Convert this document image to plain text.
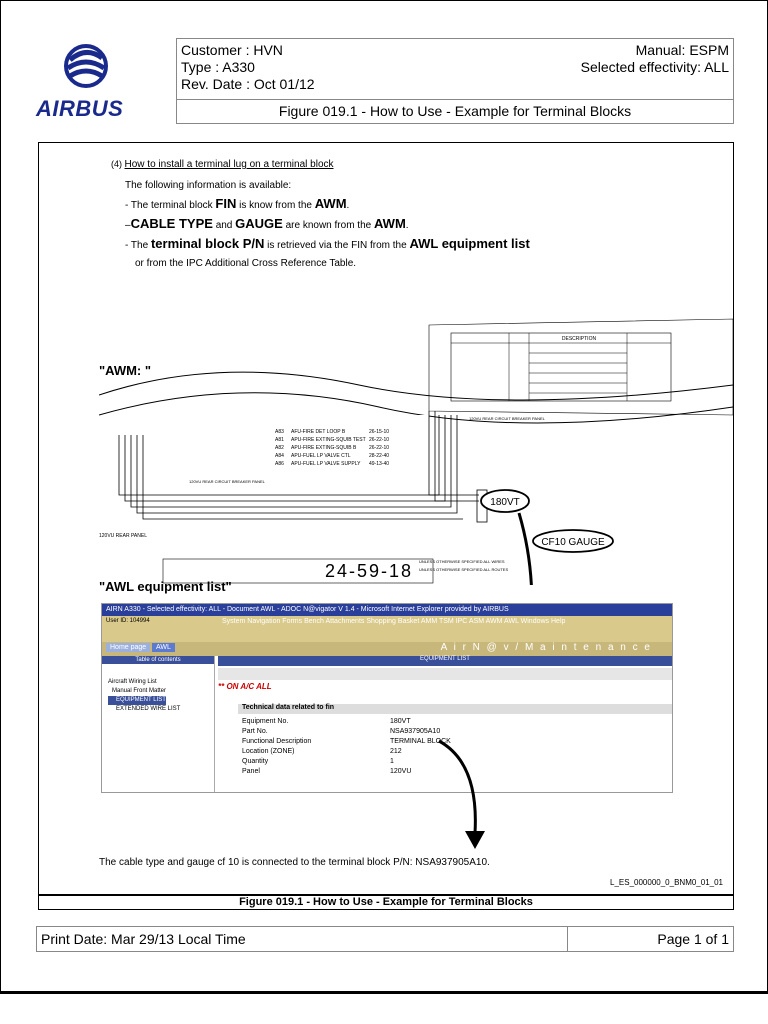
AIRBUS
Customer : HVN
Type : A330
Rev. Date : Oct 01/12
Manual: ESPM
Selected effectivity: ALL
Figure 019.1 - How to Use - Example for Terminal Blocks
(4) How to install a terminal lug on a terminal block
The following information is available:
- The terminal block FIN is know from the AWM.
–CABLE TYPE and GAUGE are known from the AWM.
- The terminal block P/N is retrieved via the FIN from the AWL equipment list
or from the IPC Additional Cross Reference Table.
DESCRIPTION
A83 AFU-FIRE DET LOOP B	26-15-10
A81 APU-FIRE EXTING-SQUIB TEST 26-22-10
A82 APU-FIRE EXTING-SQUIB B	26-22-10
A84 APU-FUEL LP VALVE CTL	28-22-40
A86 APU-FUEL LP VALVE SUPPLY 49-13-40
120VU REAR PANEL
120VU REAR CIRCUIT BREAKER PANEL
120VU REAR CIRCUIT BREAKER PANEL
UNLESS OTHERWISE SPECIFIED ALL WIRES
UNLESS OTHERWISE SPECIFIED ALL ROUTES
180VT
CF10 GAUGE
24-59-18
"AWM: "
"AWL equipment list"
AIRN A330 - Selected effectivity: ALL - Document AWL - ADOC N@vigator V 1.4 - Microsoft Internet Explorer provided by AIRBUS
User ID: 104994	System Navigation Forms Bench Attachments Shopping Basket AMM TSM IPC ASM AWM AWL Windows Help
Home page	AWL	A i r N @ v / M a i n t e n a n c e
Table of contents
Aircraft Wiring List
Manual Front Matter
EQUIPMENT LIST
EXTENDED WIRE LIST
EQUIPMENT LIST
** ON A/C ALL
Technical data related to fin
Equipment No.	180VT
Part No.	NSA937905A10
Functional Description	TERMINAL BLOCK
Location (ZONE)	212
Quantity	1
Panel	120VU
The cable type and gauge cf 10 is connected to the terminal block P/N: NSA937905A10.
L_ES_000000_0_BNM0_01_01
Figure 019.1 - How to Use - Example for Terminal Blocks
Print Date: Mar 29/13 Local Time	Page 1 of 1
